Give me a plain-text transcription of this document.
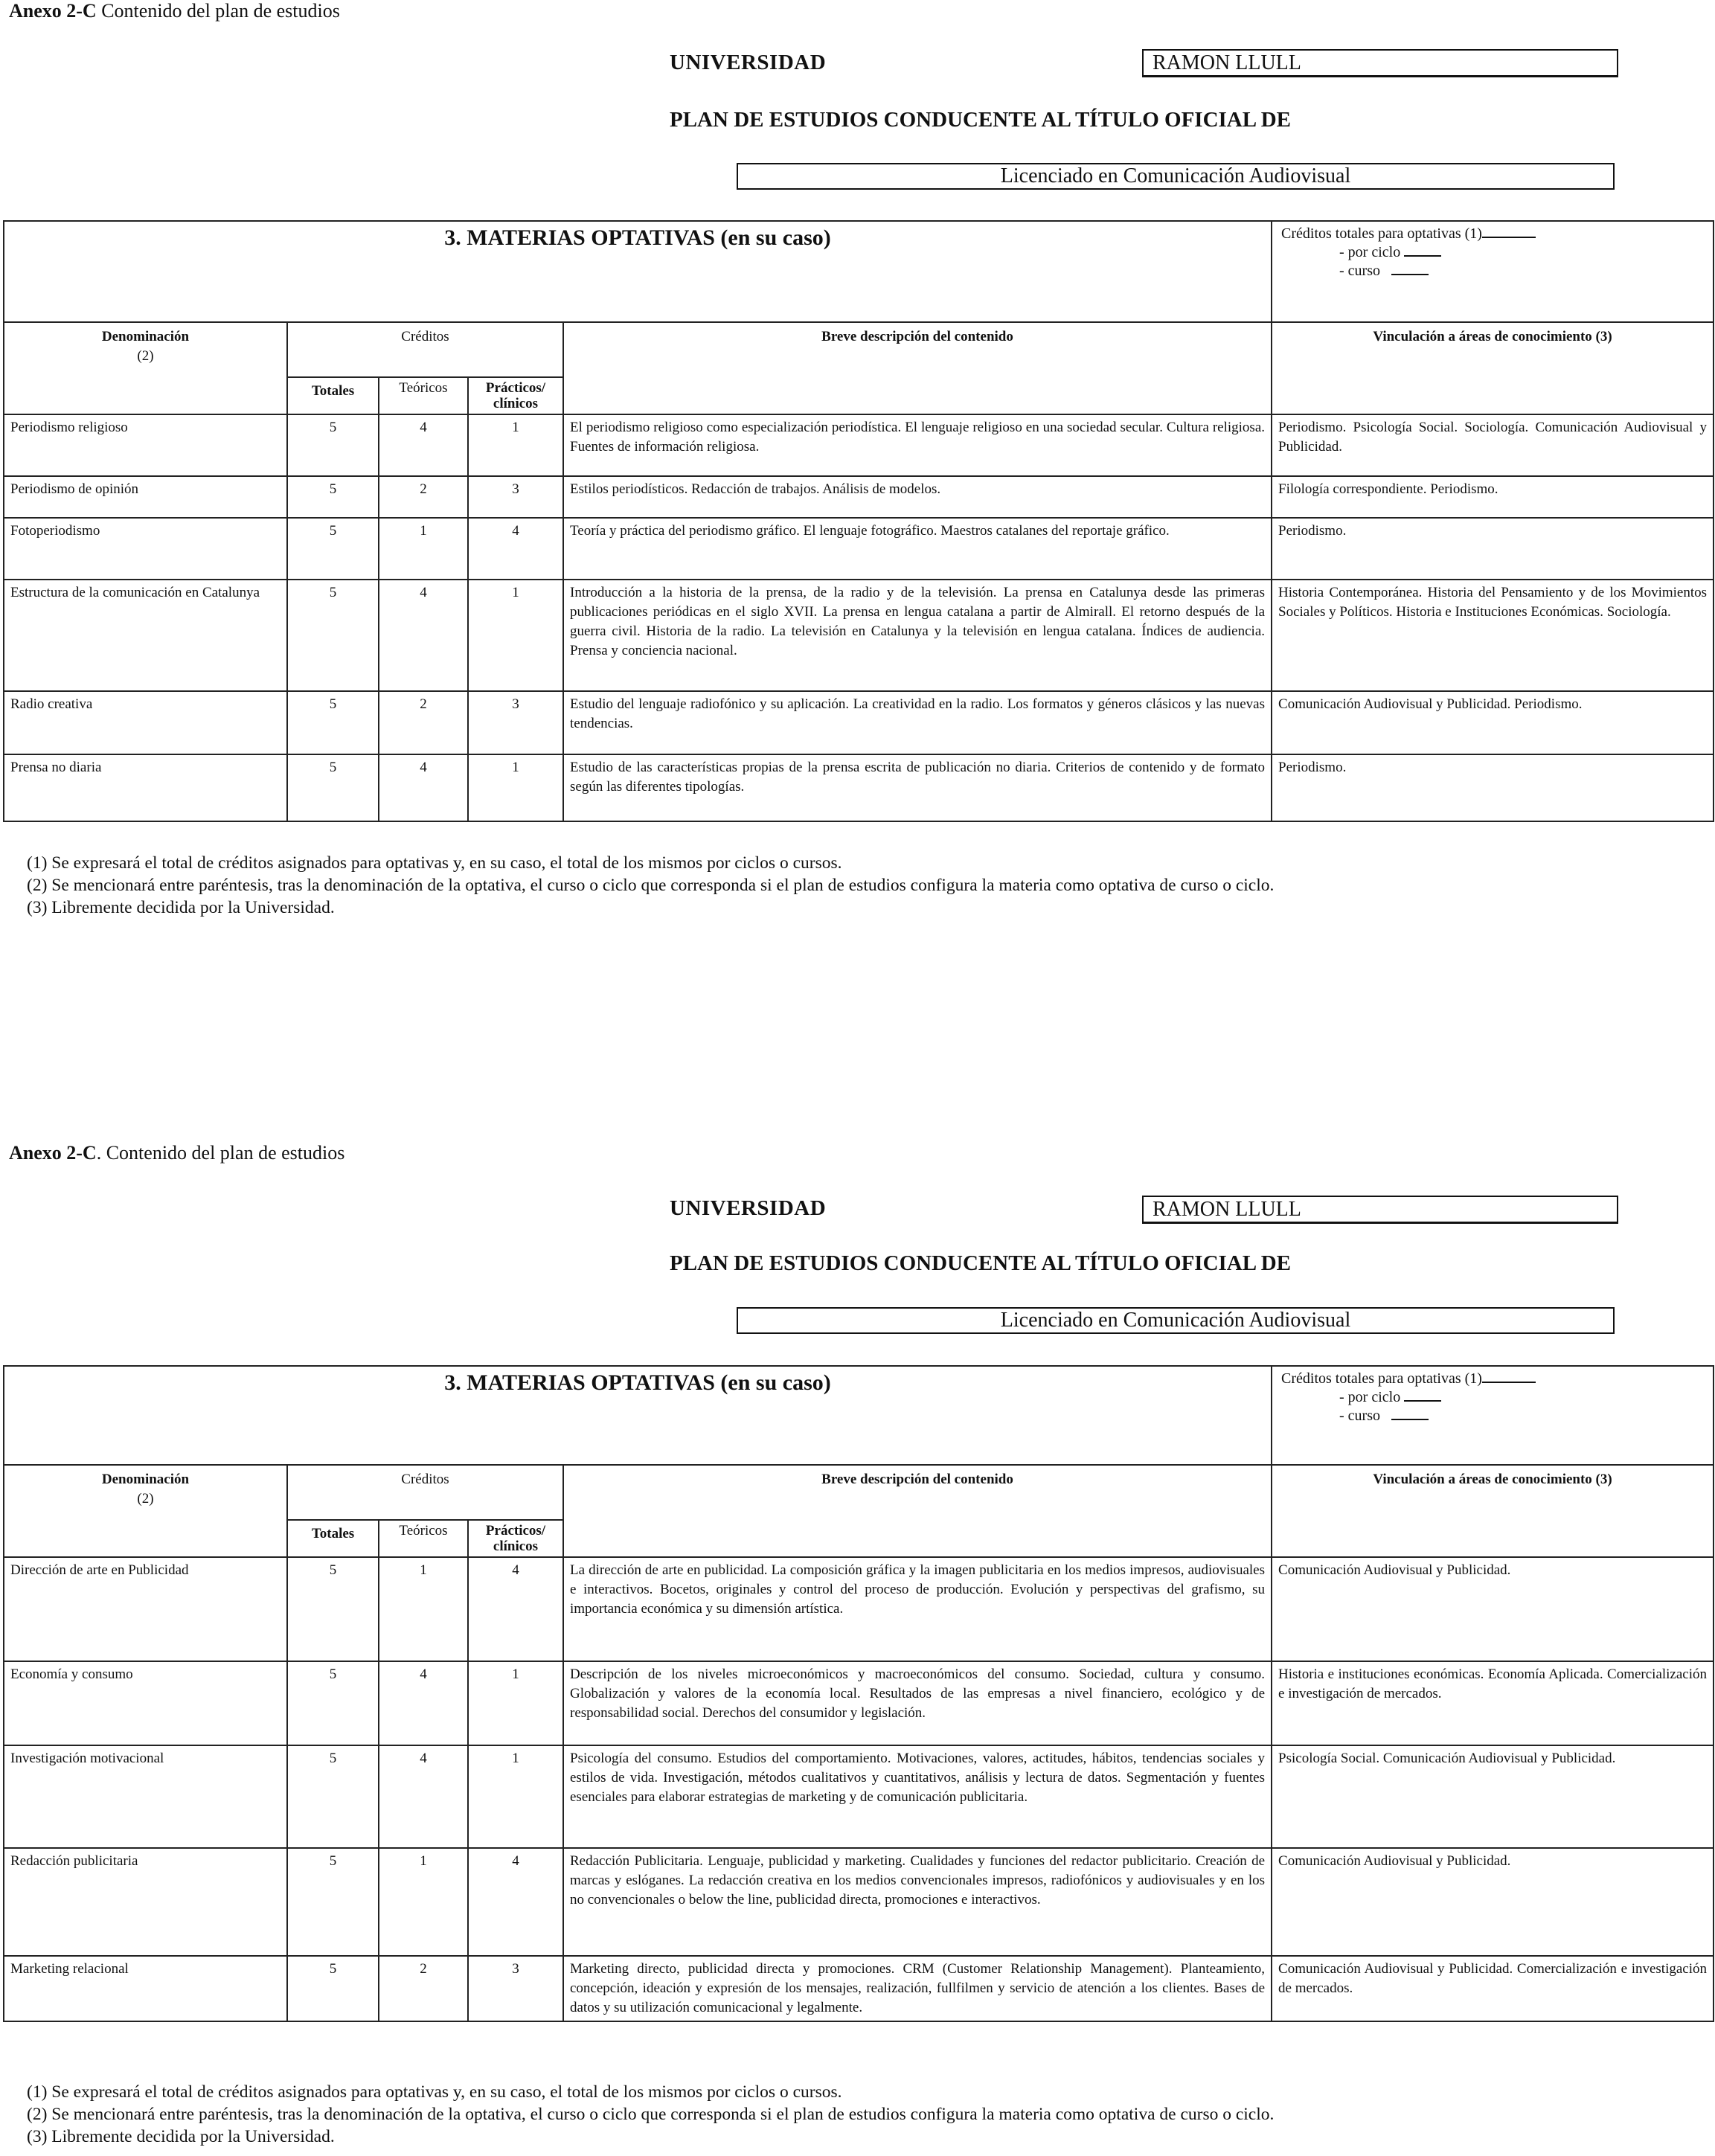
Anexo 2-C Contenido del plan de estudios
UNIVERSIDAD	RAMON LLULL
PLAN DE ESTUDIOS CONDUCENTE AL TÍTULO OFICIAL DE
Licenciado en Comunicación Audiovisual
3. MATERIAS OPTATIVAS (en su caso)					Créditos totales para optativas (1)
- por ciclo
- curso

Denominación
(2)	Créditos			Breve descripción del contenido	Vinculación a áreas de conocimiento (3)
	Totales	Teóricos	Prácticos/ clínicos		
Periodismo religioso	5	4	1	El periodismo religioso como especialización periodística. El lenguaje religioso en una sociedad secular. Cultura religiosa. Fuentes de información religiosa.	Periodismo. Psicología Social. Sociología. Comunicación Audiovisual y Publicidad.
Periodismo de opinión	5	2	3	Estilos periodísticos. Redacción de trabajos. Análisis de modelos.	Filología correspondiente. Periodismo.
Fotoperiodismo	5	1	4	Teoría y práctica del periodismo gráfico. El lenguaje fotográfico. Maestros catalanes del reportaje gráfico.	Periodismo.
Estructura de la comunicación en Catalunya	5	4	1	Introducción a la historia de la prensa, de la radio y de la televisión. La prensa en Catalunya desde las primeras publicaciones periódicas en el siglo XVII. La prensa en lengua catalana a partir de Almirall. El retorno después de la guerra civil. Historia de la radio. La televisión en Catalunya y la televisión en lengua catalana. Índices de audiencia. Prensa y conciencia nacional.	Historia Contemporánea. Historia del Pensamiento y de los Movimientos Sociales y Políticos. Historia e Instituciones Económicas. Sociología.
Radio creativa	5	2	3	Estudio del lenguaje radiofónico y su aplicación. La creatividad en la radio. Los formatos y géneros clásicos y las nuevas tendencias.	Comunicación Audiovisual y Publicidad. Periodismo.
Prensa no diaria	5	4	1	Estudio de las características propias de la prensa escrita de publicación no diaria. Criterios de contenido y de formato según las diferentes tipologías.	Periodismo.
(1) Se expresará el total de créditos asignados para optativas y, en su caso, el total de los mismos por ciclos o cursos.
(2) Se mencionará entre paréntesis, tras la denominación de la optativa, el curso o ciclo que corresponda si el plan de estudios configura la materia como optativa de curso o ciclo.
(3) Libremente decidida por la Universidad.
Anexo 2-C. Contenido del plan de estudios
UNIVERSIDAD	RAMON LLULL
PLAN DE ESTUDIOS CONDUCENTE AL TÍTULO OFICIAL DE
Licenciado en Comunicación Audiovisual
3. MATERIAS OPTATIVAS (en su caso)					Créditos totales para optativas (1)
- por ciclo
- curso

Denominación
(2)	Créditos			Breve descripción del contenido	Vinculación a áreas de conocimiento (3)
	Totales	Teóricos	Prácticos/ clínicos		
Dirección de arte en Publicidad	5	1	4	La dirección de arte en publicidad. La composición gráfica y la imagen publicitaria en los medios impresos, audiovisuales e interactivos. Bocetos, originales y control del proceso de producción. Evolución y perspectivas del grafismo, su importancia económica y su dimensión artística.	Comunicación Audiovisual y Publicidad.
Economía y consumo	5	4	1	Descripción de los niveles microeconómicos y macroeconómicos del consumo. Sociedad, cultura y consumo. Globalización y valores de la economía local. Resultados de las empresas a nivel financiero, ecológico y de responsabilidad social. Derechos del consumidor y legislación.	Historia e instituciones económicas. Economía Aplicada. Comercialización e investigación de mercados.
Investigación motivacional	5	4	1	Psicología del consumo. Estudios del comportamiento. Motivaciones, valores, actitudes, hábitos, tendencias sociales y estilos de vida. Investigación, métodos cualitativos y cuantitativos, análisis y lectura de datos. Segmentación y fuentes esenciales para elaborar estrategias de marketing y de comunicación publicitaria.	Psicología Social. Comunicación Audiovisual y Publicidad.
Redacción publicitaria	5	1	4	Redacción Publicitaria. Lenguaje, publicidad y marketing. Cualidades y funciones del redactor publicitario. Creación de marcas y eslóganes. La redacción creativa en los medios convencionales impresos, radiofónicos y audiovisuales y en los no convencionales o below the line, publicidad directa, promociones e interactivos.	Comunicación Audiovisual y Publicidad.
Marketing relacional	5	2	3	Marketing directo, publicidad directa y promociones. CRM (Customer Relationship Management). Planteamiento, concepción, ideación y expresión de los mensajes, realización, fullfilmen y servicio de atención a los clientes. Bases de datos y su utilización comunicacional y legalmente.	Comunicación Audiovisual y Publicidad. Comercialización e investigación de mercados.
(1) Se expresará el total de créditos asignados para optativas y, en su caso, el total de los mismos por ciclos o cursos.
(2) Se mencionará entre paréntesis, tras la denominación de la optativa, el curso o ciclo que corresponda si el plan de estudios configura la materia como optativa de curso o ciclo.
(3) Libremente decidida por la Universidad.
